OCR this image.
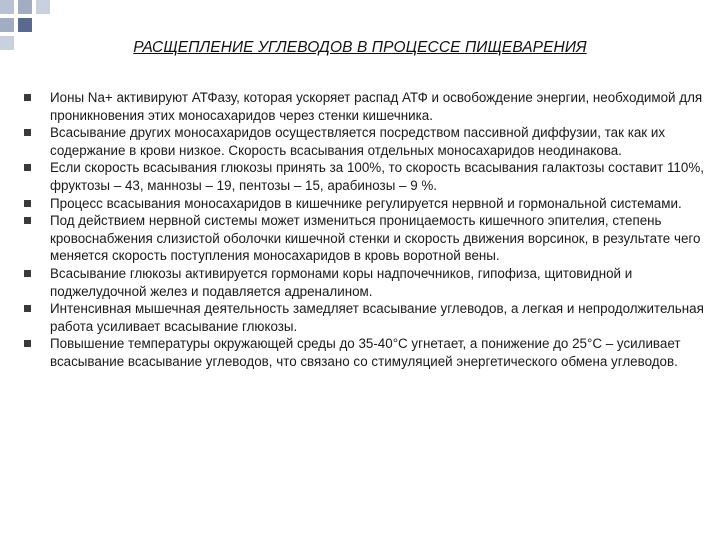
РАСЩЕПЛЕНИЕ УГЛЕВОДОВ В ПРОЦЕССЕ ПИЩЕВАРЕНИЯ
Ионы Na+ активируют АТФазу, которая ускоряет распад АТФ и освобождение энергии, необходимой для проникновения этих моносахаридов через стенки кишечника.
Всасывание других моносахаридов осуществляется посредством пассивной диффузии, так как их содержание в крови низкое. Скорость всасывания отдельных моносахаридов неодинакова.
Если скорость всасывания глюкозы принять за 100%, то скорость всасывания галактозы составит 110%, фруктозы – 43, маннозы – 19, пентозы – 15, арабинозы – 9 %.
Процесс всасывания моносахаридов в кишечнике регулируется нервной и гормональной системами.
Под действием нервной системы может измениться проницаемость кишечного эпителия, степень кровоснабжения слизистой оболочки кишечной стенки и скорость движения ворсинок, в результате чего меняется скорость поступления моносахаридов в кровь воротной вены.
Всасывание глюкозы активируется гормонами коры надпочечников, гипофиза, щитовидной и поджелудочной желез и подавляется адреналином.
Интенсивная мышечная деятельность замедляет всасывание углеводов, а легкая и непродолжительная работа усиливает всасывание глюкозы.
Повышение температуры окружающей среды до 35-40°С угнетает, а понижение до 25°С – усиливает всасывание всасывание углеводов, что связано со стимуляцией энергетического обмена углеводов.
